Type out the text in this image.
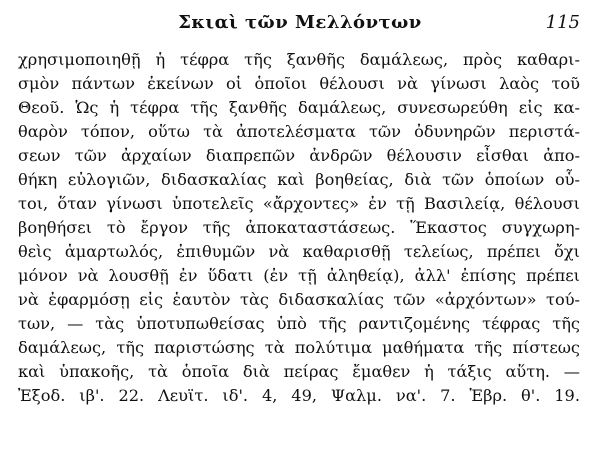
Σκιαὶ τῶν Μελλόντων	115
χρησιμοποιηθῇ ἡ τέφρα τῆς ξανθῆς δαμάλεως, πρὸς καθαρι-
σμὸν πάντων ἐκείνων οἱ ὁποῖοι θέλουσι νὰ γίνωσι λαὸς τοῦ
Θεοῦ. Ὡς ἡ τέφρα τῆς ξανθῆς δαμάλεως, συνεσωρεύθη εἰς κα-
θαρὸν τόπον, οὕτω τὰ ἀποτελέσματα τῶν ὀδυνηρῶν περιστά-
σεων τῶν ἀρχαίων διαπρεπῶν ἀνδρῶν θέλουσιν εἶσθαι ἀπο-
θήκη εὐλογιῶν, διδασκαλίας καὶ βοηθείας, διὰ τῶν ὁποίων οὗ-
τοι, ὅταν γίνωσι ὑποτελεῖς «ἄρχοντες» ἐν τῇ Βασιλείᾳ, θέλουσι
βοηθήσει τὸ ἔργον τῆς ἀποκαταστάσεως. Ἕκαστος συγχωρη-
θεὶς ἁμαρτωλός, ἐπιθυμῶν νὰ καθαρισθῇ τελείως, πρέπει ὄχι
μόνον νὰ λουσθῇ ἐν ὕδατι (ἐν τῇ ἀληθείᾳ), ἀλλ' ἐπίσης πρέπει
νὰ ἐφαρμόσῃ εἰς ἑαυτὸν τὰς διδασκαλίας τῶν «ἀρχόντων» τού-
των, — τὰς ὑποτυπωθείσας ὑπὸ τῆς ραντιζομένης τέφρας τῆς
δαμάλεως, τῆς παριστώσης τὰ πολύτιμα μαθήματα τῆς πίστεως
καὶ ὑπακοῆς, τὰ ὁποῖα διὰ πείρας ἔμαθεν ἡ τάξις αὕτη. —
Ἐξοδ. ιβ'. 22. Λευϊτ. ιδ'. 4, 49, Ψαλμ. να'. 7. Ἑβρ. θ'. 19.
